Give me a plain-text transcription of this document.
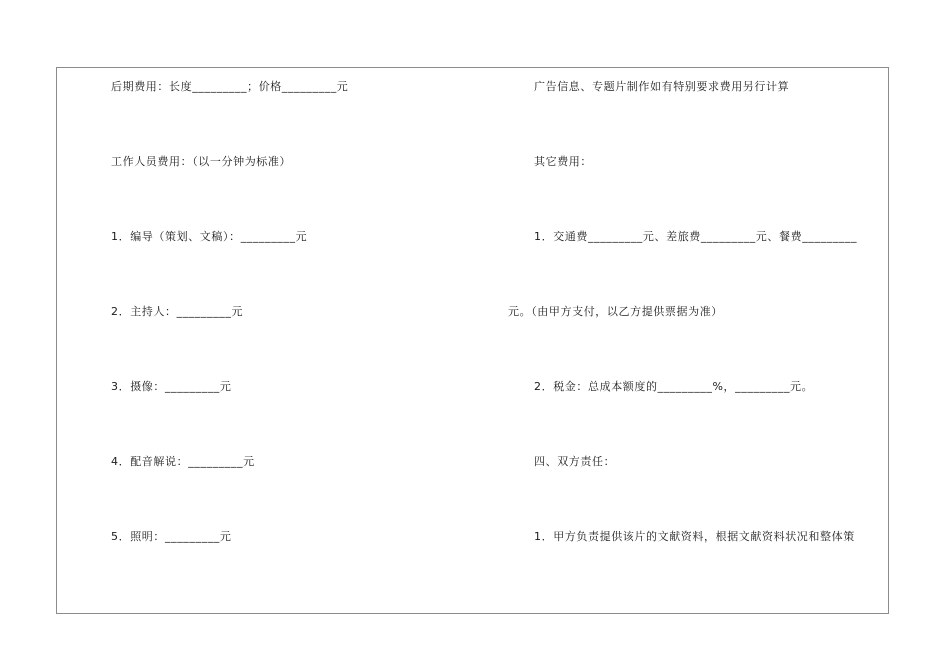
后期费用：长度_________；价格_________元
工作人员费用：（以一分钟为标准）
1．编导（策划、文稿）：_________元
2．主持人：_________元
3．摄像：_________元
4．配音解说：_________元
5．照明：_________元
广告信息、专题片制作如有特别要求费用另行计算
其它费用：
1．交通费_________元、差旅费_________元、餐费_________
元。（由甲方支付，以乙方提供票据为准）
2．税金：总成本额度的_________%，_________元。
四、双方责任：
1．甲方负责提供该片的文献资料，根据文献资料状况和整体策
